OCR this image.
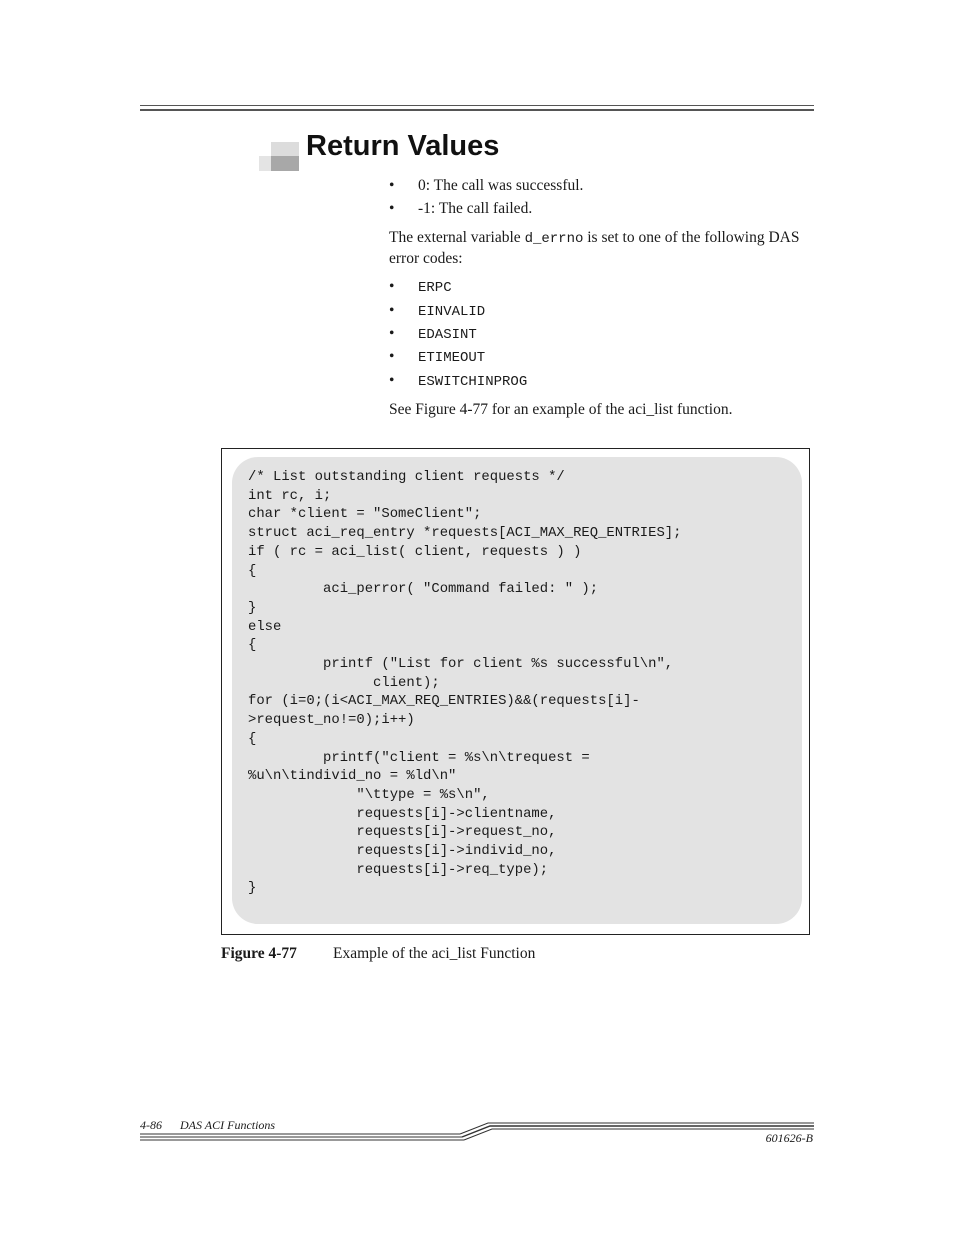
Return Values
• 0: The call was successful.
• -1: The call failed.
The external variable d_errno is set to one of the following DAS error codes:
• ERPC
• EINVALID
• EDASINT
• ETIMEOUT
• ESWITCHINPROG
See Figure 4-77 for an example of the aci_list function.
/* List outstanding client requests */
int rc, i;
char *client = "SomeClient";
struct aci_req_entry *requests[ACI_MAX_REQ_ENTRIES];
if ( rc = aci_list( client, requests ) )
{
aci_perror( "Command failed: " );
}
else
{
printf ("List for client %s successful\n",
client);
for (i=0;(i<ACI_MAX_REQ_ENTRIES)&&(requests[i]-
>request_no!=0);i++)
{
printf("client = %s\n\trequest =
%u\n\tindivid_no = %ld\n"
"\ttype = %s\n",
requests[i]->clientname,
requests[i]->request_no,
requests[i]->individ_no,
requests[i]->req_type);
}
Figure 4-77 Example of the aci_list Function
4-86 DAS ACI Functions
601626-B
